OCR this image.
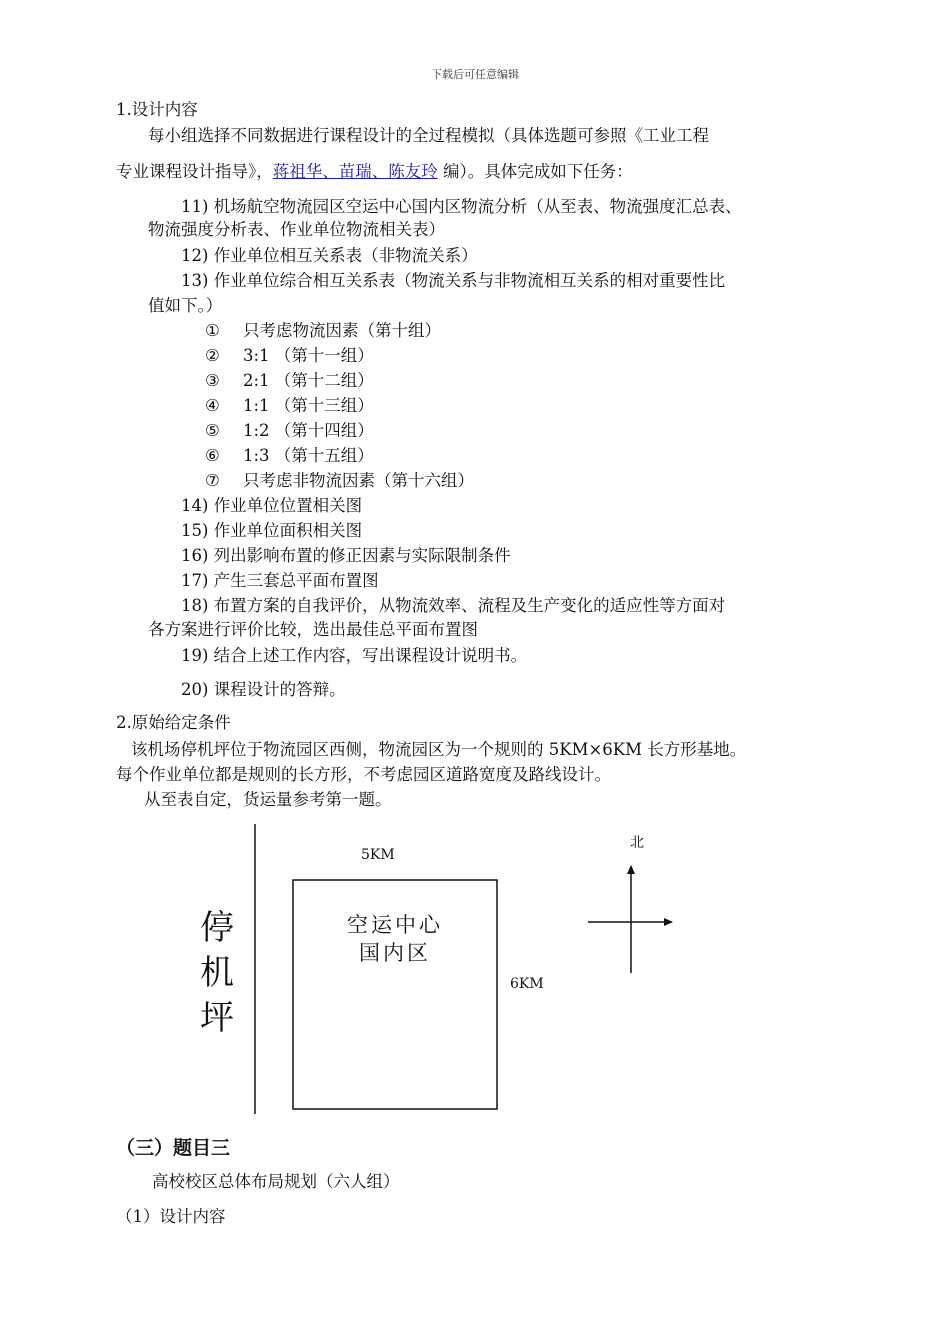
下载后可任意编辑
1.设计内容
每小组选择不同数据进行课程设计的全过程模拟（具体选题可参照《工业工程
专业课程设计指导》，蒋祖华、苗瑞、陈友玲 编）。具体完成如下任务：
11) 机场航空物流园区空运中心国内区物流分析（从至表、物流强度汇总表、
物流强度分析表、作业单位物流相关表）
12) 作业单位相互关系表（非物流关系）
13) 作业单位综合相互关系表（物流关系与非物流相互关系的相对重要性比
值如下。）
① 只考虑物流因素（第十组）
② 3:1 （第十一组）
③ 2:1 （第十二组）
④ 1:1 （第十三组）
⑤ 1:2 （第十四组）
⑥ 1:3 （第十五组）
⑦ 只考虑非物流因素（第十六组）
14) 作业单位位置相关图
15) 作业单位面积相关图
16) 列出影响布置的修正因素与实际限制条件
17) 产生三套总平面布置图
18) 布置方案的自我评价，从物流效率、流程及生产变化的适应性等方面对
各方案进行评价比较，选出最佳总平面布置图
19) 结合上述工作内容，写出课程设计说明书。
20) 课程设计的答辩。
2.原始给定条件
该机场停机坪位于物流园区西侧，物流园区为一个规则的 5KM×6KM 长方形基地。
每个作业单位都是规则的长方形，不考虑园区道路宽度及路线设计。
从至表自定，货运量参考第一题。
停
机
坪
5KM
6KM
空运中心
国内区
北
（三）题目三
高校校区总体布局规划（六人组）
（1）设计内容
